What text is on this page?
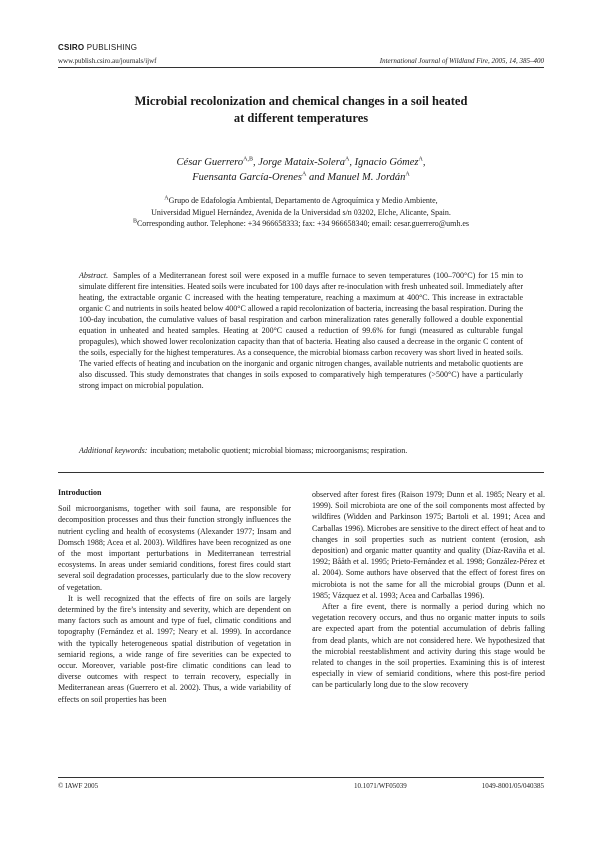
CSIRO PUBLISHING
www.publish.csiro.au/journals/ijwf	International Journal of Wildland Fire, 2005, 14, 385–400
Microbial recolonization and chemical changes in a soil heated
at different temperatures
César Guerrero$^{A,B}$, Jorge Mataix-Solera$^A$, Ignacio Gómez$^A$,
Fuensanta García-Orenes$^A$ and Manuel M. Jordán$^A$
$^A$Grupo de Edafología Ambiental, Departamento de Agroquímica y Medio Ambiente,
Universidad Miguel Hernández, Avenida de la Universidad s/n 03202, Elche, Alicante, Spain.
$^B$Corresponding author. Telephone: +34 966658333; fax: +34 966658340; email: cesar.guerrero@umh.es
Abstract. Samples of a Mediterranean forest soil were exposed in a muffle furnace to seven temperatures (100–700°C) for 15 min to simulate different fire intensities. Heated soils were incubated for 100 days after re-inoculation with fresh unheated soil. Immediately after heating, the extractable organic C increased with the heating temperature, reaching a maximum at 400°C. This increase in extractable organic C and nutrients in soils heated below 400°C allowed a rapid recolonization of bacteria, increasing the basal respiration. During the 100-day incubation, the cumulative values of basal respiration and carbon mineralization rates generally followed a double exponential equation in unheated and heated samples. Heating at 200°C caused a reduction of 99.6% for fungi (measured as culturable fungal propagules), which showed lower recolonization capacity than that of bacteria. Heating also caused a decrease in the organic C content of the soils, especially for the highest temperatures. As a consequence, the microbial biomass carbon recovery was short lived in heated soils. The varied effects of heating and incubation on the inorganic and organic nitrogen changes, available nutrients and metabolic quotients are also discussed. This study demonstrates that changes in soils exposed to comparatively high temperatures (>500°C) have a particularly strong impact on microbial population.
Additional keywords: incubation; metabolic quotient; microbial biomass; microorganisms; respiration.
Introduction

Soil microorganisms, together with soil fauna, are responsible for decomposition processes and thus their function strongly influences the nutrient cycling and health of ecosystems (Alexander 1977; Insam and Domsch 1988; Acea et al. 2003). Wildfires have been recognized as one of the most important perturbations in Mediterranean terrestrial ecosystems. In areas under semiarid conditions, forest fires could start several soil degradation processes, particularly due to the slow recovery of vegetation.

It is well recognized that the effects of fire on soils are largely determined by the fire’s intensity and severity, which are dependent on many factors such as amount and type of fuel, climatic conditions and topography (Fernández et al. 1997; Neary et al. 1999). In accordance with the typically heterogeneous spatial distribution of vegetation in semiarid regions, a wide range of fire severities can be expected to occur. Moreover, variable post-fire climatic conditions can lead to diverse outcomes with respect to terrain recovery, especially in Mediterranean areas (Guerrero et al. 2002). Thus, a wide variability of effects on soil properties has been

observed after forest fires (Raison 1979; Dunn et al. 1985; Neary et al. 1999). Soil microbiota are one of the soil components most affected by wildfires (Widden and Parkinson 1975; Bartoli et al. 1991; Acea and Carballas 1996). Microbes are sensitive to the direct effect of heat and to changes in soil properties such as nutrient content (erosion, ash deposition) and organic matter quantity and quality (Díaz-Raviña et al. 1992; Bååth et al. 1995; Prieto-Fernández et al. 1998; González-Pérez et al. 2004). Some authors have observed that the effect of forest fires on microbiota is not the same for all the microbial groups (Dunn et al. 1985; Vázquez et al. 1993; Acea and Carballas 1996).

After a fire event, there is normally a period during which no vegetation recovery occurs, and thus no organic matter inputs to soils are expected apart from the potential accumulation of debris falling from dead plants, which are not considered here. We hypothesized that the microbial reestablishment and activity during this stage would be related to changes in the soil properties. Examining this is of interest especially in view of semiarid conditions, where this post-fire period can be particularly long due to the slow recovery

© IAWF 2005	10.1071/WF05039	1049-8001/05/040385
